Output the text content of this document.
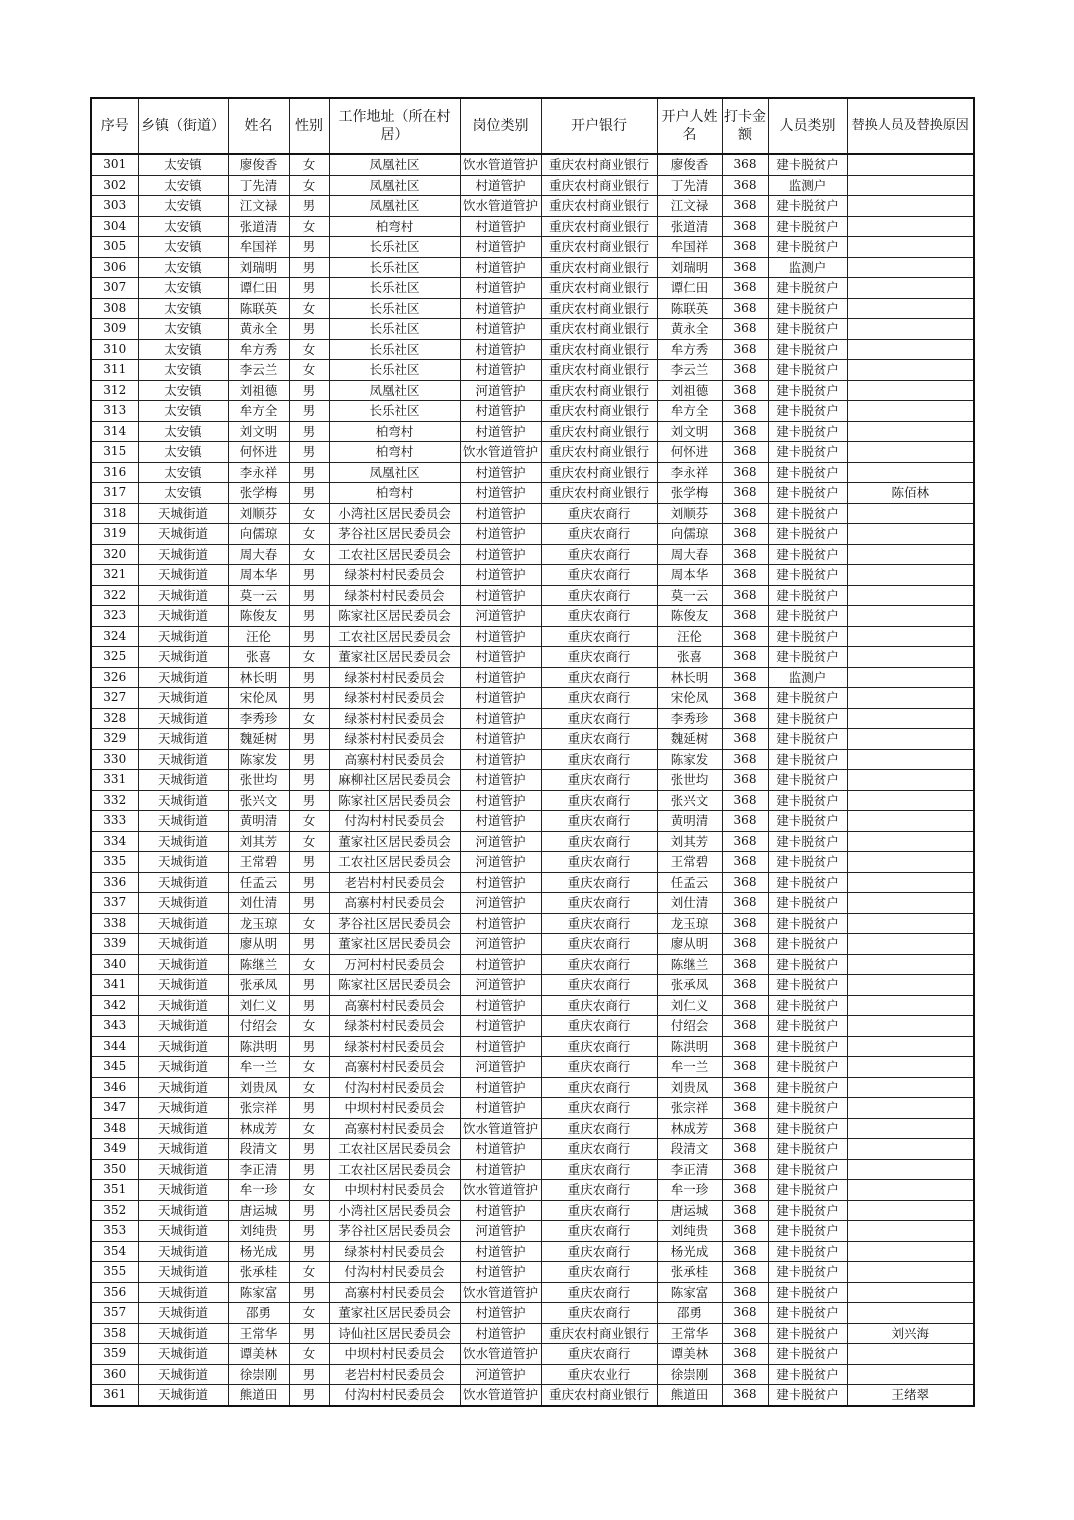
序号	乡镇（街道）	姓名	性别	工作地址（所在村居）	岗位类别	开户银行	开户人姓名	打卡金额	人员类别	替换人员及替换原因
301	太安镇	廖俊香	女	凤凰社区	饮水管道管护	重庆农村商业银行	廖俊香	368	建卡脱贫户	
302	太安镇	丁先清	女	凤凰社区	村道管护	重庆农村商业银行	丁先清	368	监测户	
303	太安镇	江文禄	男	凤凰社区	饮水管道管护	重庆农村商业银行	江文禄	368	建卡脱贫户	
304	太安镇	张道清	女	柏弯村	村道管护	重庆农村商业银行	张道清	368	建卡脱贫户	
305	太安镇	牟国祥	男	长乐社区	村道管护	重庆农村商业银行	牟国祥	368	建卡脱贫户	
306	太安镇	刘瑞明	男	长乐社区	村道管护	重庆农村商业银行	刘瑞明	368	监测户	
307	太安镇	谭仁田	男	长乐社区	村道管护	重庆农村商业银行	谭仁田	368	建卡脱贫户	
308	太安镇	陈联英	女	长乐社区	村道管护	重庆农村商业银行	陈联英	368	建卡脱贫户	
309	太安镇	黄永全	男	长乐社区	村道管护	重庆农村商业银行	黄永全	368	建卡脱贫户	
310	太安镇	牟方秀	女	长乐社区	村道管护	重庆农村商业银行	牟方秀	368	建卡脱贫户	
311	太安镇	李云兰	女	长乐社区	村道管护	重庆农村商业银行	李云兰	368	建卡脱贫户	
312	太安镇	刘祖德	男	凤凰社区	河道管护	重庆农村商业银行	刘祖德	368	建卡脱贫户	
313	太安镇	牟方全	男	长乐社区	村道管护	重庆农村商业银行	牟方全	368	建卡脱贫户	
314	太安镇	刘文明	男	柏弯村	村道管护	重庆农村商业银行	刘文明	368	建卡脱贫户	
315	太安镇	何怀进	男	柏弯村	饮水管道管护	重庆农村商业银行	何怀进	368	建卡脱贫户	
316	太安镇	李永祥	男	凤凰社区	村道管护	重庆农村商业银行	李永祥	368	建卡脱贫户	
317	太安镇	张学梅	男	柏弯村	村道管护	重庆农村商业银行	张学梅	368	建卡脱贫户	陈佰林
318	天城街道	刘顺芬	女	小湾社区居民委员会	村道管护	重庆农商行	刘顺芬	368	建卡脱贫户	
319	天城街道	向儒琼	女	茅谷社区居民委员会	村道管护	重庆农商行	向儒琼	368	建卡脱贫户	
320	天城街道	周大春	女	工农社区居民委员会	村道管护	重庆农商行	周大春	368	建卡脱贫户	
321	天城街道	周本华	男	绿茶村村民委员会	村道管护	重庆农商行	周本华	368	建卡脱贫户	
322	天城街道	莫一云	男	绿茶村村民委员会	村道管护	重庆农商行	莫一云	368	建卡脱贫户	
323	天城街道	陈俊友	男	陈家社区居民委员会	河道管护	重庆农商行	陈俊友	368	建卡脱贫户	
324	天城街道	汪伦	男	工农社区居民委员会	村道管护	重庆农商行	汪伦	368	建卡脱贫户	
325	天城街道	张喜	女	董家社区居民委员会	村道管护	重庆农商行	张喜	368	建卡脱贫户	
326	天城街道	林长明	男	绿茶村村民委员会	村道管护	重庆农商行	林长明	368	监测户	
327	天城街道	宋伦凤	男	绿茶村村民委员会	村道管护	重庆农商行	宋伦凤	368	建卡脱贫户	
328	天城街道	李秀珍	女	绿茶村村民委员会	村道管护	重庆农商行	李秀珍	368	建卡脱贫户	
329	天城街道	魏延树	男	绿茶村村民委员会	村道管护	重庆农商行	魏延树	368	建卡脱贫户	
330	天城街道	陈家发	男	高寨村村民委员会	村道管护	重庆农商行	陈家发	368	建卡脱贫户	
331	天城街道	张世均	男	麻柳社区居民委员会	村道管护	重庆农商行	张世均	368	建卡脱贫户	
332	天城街道	张兴文	男	陈家社区居民委员会	村道管护	重庆农商行	张兴文	368	建卡脱贫户	
333	天城街道	黄明清	女	付沟村村民委员会	村道管护	重庆农商行	黄明清	368	建卡脱贫户	
334	天城街道	刘其芳	女	董家社区居民委员会	河道管护	重庆农商行	刘其芳	368	建卡脱贫户	
335	天城街道	王常碧	男	工农社区居民委员会	河道管护	重庆农商行	王常碧	368	建卡脱贫户	
336	天城街道	任孟云	男	老岩村村民委员会	村道管护	重庆农商行	任孟云	368	建卡脱贫户	
337	天城街道	刘仕清	男	高寨村村民委员会	河道管护	重庆农商行	刘仕清	368	建卡脱贫户	
338	天城街道	龙玉琼	女	茅谷社区居民委员会	村道管护	重庆农商行	龙玉琼	368	建卡脱贫户	
339	天城街道	廖从明	男	董家社区居民委员会	河道管护	重庆农商行	廖从明	368	建卡脱贫户	
340	天城街道	陈继兰	女	万河村村民委员会	村道管护	重庆农商行	陈继兰	368	建卡脱贫户	
341	天城街道	张承凤	男	陈家社区居民委员会	河道管护	重庆农商行	张承凤	368	建卡脱贫户	
342	天城街道	刘仁义	男	高寨村村民委员会	村道管护	重庆农商行	刘仁义	368	建卡脱贫户	
343	天城街道	付绍会	女	绿茶村村民委员会	村道管护	重庆农商行	付绍会	368	建卡脱贫户	
344	天城街道	陈洪明	男	绿茶村村民委员会	村道管护	重庆农商行	陈洪明	368	建卡脱贫户	
345	天城街道	牟一兰	女	高寨村村民委员会	河道管护	重庆农商行	牟一兰	368	建卡脱贫户	
346	天城街道	刘贵凤	女	付沟村村民委员会	村道管护	重庆农商行	刘贵凤	368	建卡脱贫户	
347	天城街道	张宗祥	男	中坝村村民委员会	村道管护	重庆农商行	张宗祥	368	建卡脱贫户	
348	天城街道	林成芳	女	高寨村村民委员会	饮水管道管护	重庆农商行	林成芳	368	建卡脱贫户	
349	天城街道	段清文	男	工农社区居民委员会	村道管护	重庆农商行	段清文	368	建卡脱贫户	
350	天城街道	李正清	男	工农社区居民委员会	村道管护	重庆农商行	李正清	368	建卡脱贫户	
351	天城街道	牟一珍	女	中坝村村民委员会	饮水管道管护	重庆农商行	牟一珍	368	建卡脱贫户	
352	天城街道	唐运城	男	小湾社区居民委员会	村道管护	重庆农商行	唐运城	368	建卡脱贫户	
353	天城街道	刘纯贵	男	茅谷社区居民委员会	河道管护	重庆农商行	刘纯贵	368	建卡脱贫户	
354	天城街道	杨光成	男	绿茶村村民委员会	村道管护	重庆农商行	杨光成	368	建卡脱贫户	
355	天城街道	张承桂	女	付沟村村民委员会	村道管护	重庆农商行	张承桂	368	建卡脱贫户	
356	天城街道	陈家富	男	高寨村村民委员会	饮水管道管护	重庆农商行	陈家富	368	建卡脱贫户	
357	天城街道	邵勇	女	董家社区居民委员会	村道管护	重庆农商行	邵勇	368	建卡脱贫户	
358	天城街道	王常华	男	诗仙社区居民委员会	村道管护	重庆农村商业银行	王常华	368	建卡脱贫户	刘兴海
359	天城街道	谭美林	女	中坝村村民委员会	饮水管道管护	重庆农商行	谭美林	368	建卡脱贫户	
360	天城街道	徐崇刚	男	老岩村村民委员会	河道管护	重庆农业行	徐崇刚	368	建卡脱贫户	
361	天城街道	熊道田	男	付沟村村民委员会	饮水管道管护	重庆农村商业银行	熊道田	368	建卡脱贫户	王绪翠
